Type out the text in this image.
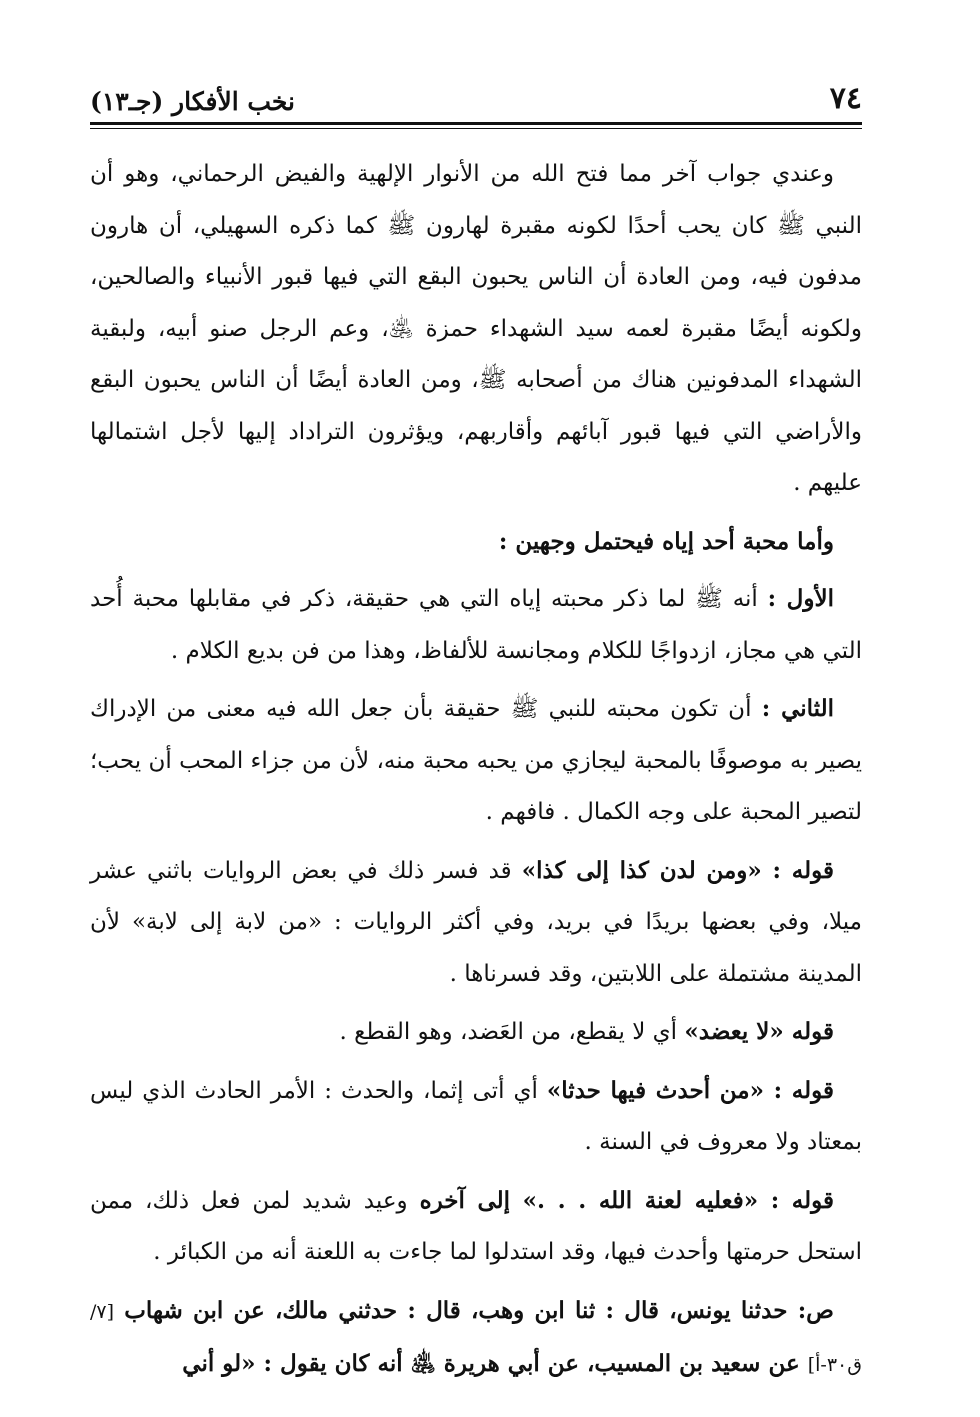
٧٤
نخب الأفكار (جـ١٣)

وعندي جواب آخر مما فتح الله من الأنوار الإلهية والفيض الرحماني، وهو أن النبي ﷺ كان يحب أحدًا لكونه مقبرة لهارون ﷺ كما ذكره السهيلي، أن هارون مدفون فيه، ومن العادة أن الناس يحبون البقع التي فيها قبور الأنبياء والصالحين، ولكونه أيضًا مقبرة لعمه سيد الشهداء حمزة ﵁، وعم الرجل صنو أبيه، ولبقية الشهداء المدفونين هناك من أصحابه ﷺ، ومن العادة أيضًا أن الناس يحبون البقع والأراضي التي فيها قبور آبائهم وأقاربهم، ويؤثرون التراداد إليها لأجل اشتمالها عليهم .

وأما محبة أحد إياه فيحتمل وجهين :

الأول : أنه ﷺ لما ذكر محبته إياه التي هي حقيقة، ذكر في مقابلها محبة أُحد التي هي مجاز، ازدواجًا للكلام ومجانسة للألفاظ، وهذا من فن بديع الكلام .

الثاني : أن تكون محبته للنبي ﷺ حقيقة بأن جعل الله فيه معنى من الإدراك يصير به موصوفًا بالمحبة ليجازي من يحبه محبة منه، لأن من جزاء المحب أن يحب؛ لتصير المحبة على وجه الكمال . فافهم .

قوله : «ومن لدن كذا إلى كذا» قد فسر ذلك في بعض الروايات باثني عشر ميلا، وفي بعضها بريدًا في بريد، وفي أكثر الروايات : «من لابة إلى لابة» لأن المدينة مشتملة على اللابتين، وقد فسرناها .

قوله «لا يعضد» أي لا يقطع، من العَضد، وهو القطع .

قوله : «من أحدث فيها حدثا» أي أتى إثما، والحدث : الأمر الحادث الذي ليس بمعتاد ولا معروف في السنة .

قوله : «فعليه لعنة الله . . .» إلى آخره وعيد شديد لمن فعل ذلك، ممن استحل حرمتها وأحدث فيها، وقد استدلوا لما جاءت به اللعنة أنه من الكبائر .

ص: حدثنا يونس، قال : ثنا ابن وهب، قال : حدثني مالك، عن ابن شهاب [٧/ ق٣٠-أ] عن سعيد بن المسيب، عن أبي هريرة ﵁ أنه كان يقول : «لو أني
